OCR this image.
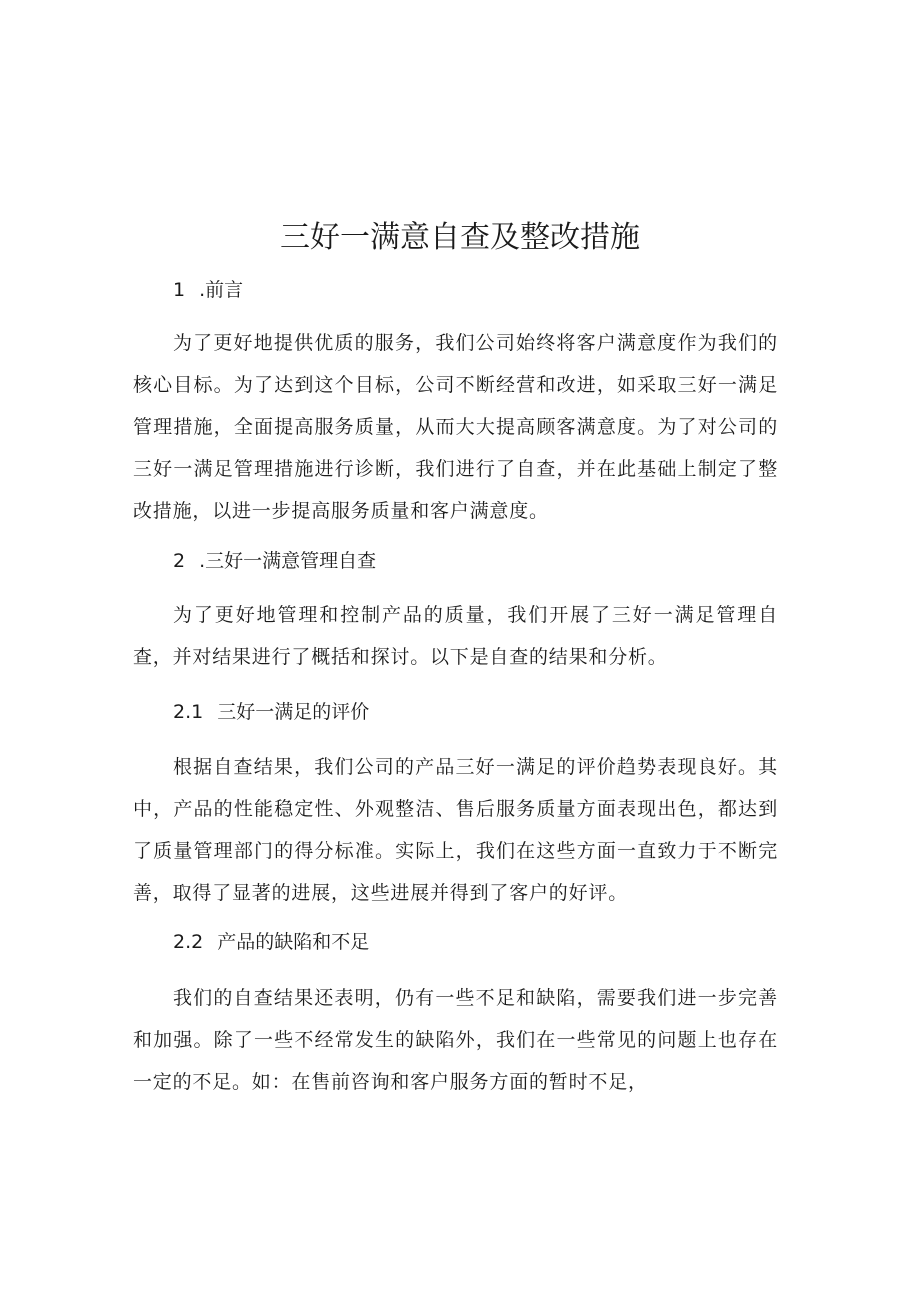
三好一满意自查及整改措施
1 .前言

为了更好地提供优质的服务，我们公司始终将客户满意度作为我们的核心目标。为了达到这个目标，公司不断经营和改进，如采取三好一满足管理措施，全面提高服务质量，从而大大提高顾客满意度。为了对公司的三好一满足管理措施进行诊断，我们进行了自查，并在此基础上制定了整改措施，以进一步提高服务质量和客户满意度。

2 .三好一满意管理自查

为了更好地管理和控制产品的质量，我们开展了三好一满足管理自查，并对结果进行了概括和探讨。以下是自查的结果和分析。

2.1 三好一满足的评价

根据自查结果，我们公司的产品三好一满足的评价趋势表现良好。其中，产品的性能稳定性、外观整洁、售后服务质量方面表现出色，都达到了质量管理部门的得分标准。实际上，我们在这些方面一直致力于不断完善，取得了显著的进展，这些进展并得到了客户的好评。

2.2 产品的缺陷和不足

我们的自查结果还表明，仍有一些不足和缺陷，需要我们进一步完善和加强。除了一些不经常发生的缺陷外，我们在一些常见的问题上也存在一定的不足。如：在售前咨询和客户服务方面的暂时不足，
